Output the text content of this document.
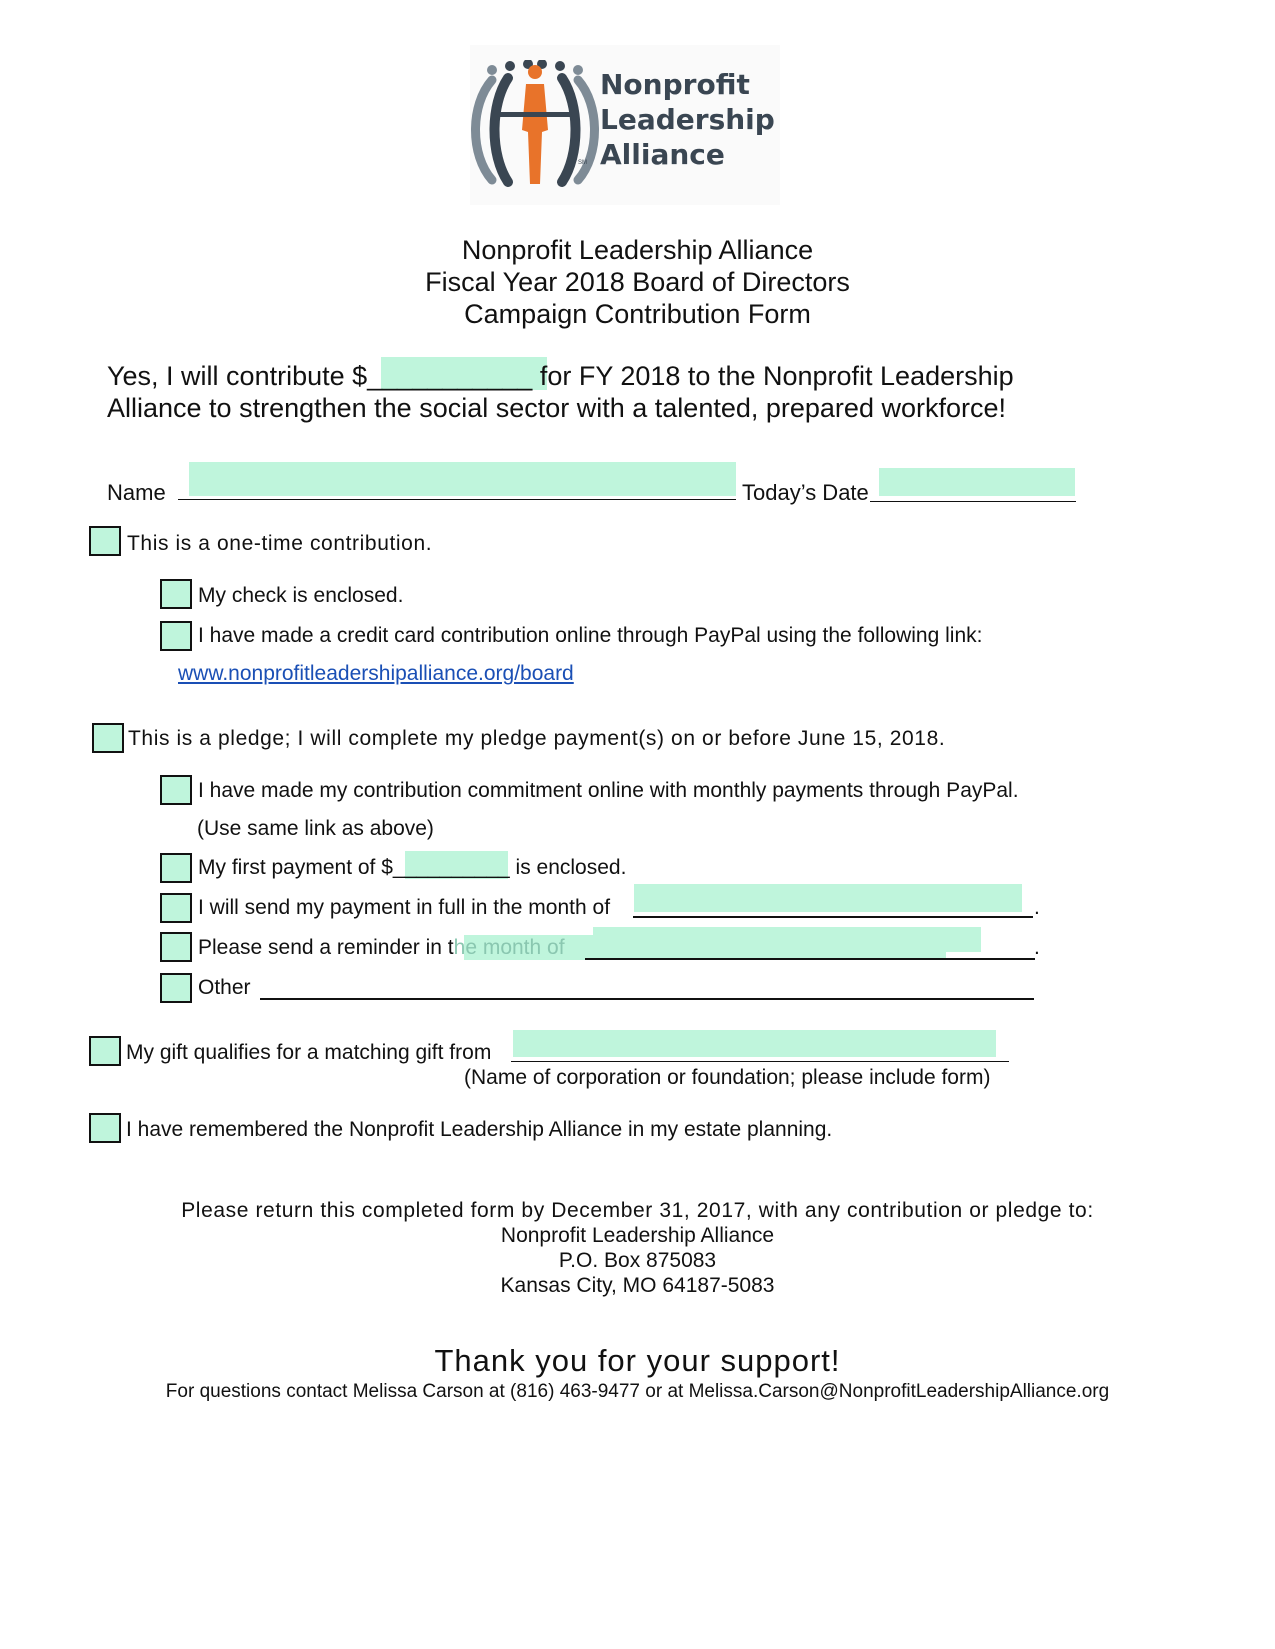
Nonprofit
Leadership
Alliance
SM
Nonprofit Leadership Alliance
Fiscal Year 2018 Board of Directors
Campaign Contribution Form
Yes, I will contribute $___________ for FY 2018 to the Nonprofit Leadership
Alliance to strengthen the social sector with a talented, prepared workforce!
Name	Today’s Date
This is a one-time contribution.
My check is enclosed.
I have made a credit card contribution online through PayPal using the following link:
www.nonprofitleadershipalliance.org/board
This is a pledge; I will complete my pledge payment(s) on or before June 15, 2018.
I have made my contribution commitment online with monthly payments through PayPal.
(Use same link as above)
My first payment of $__________ is enclosed.
I will send my payment in full in the month of	.
Please send a reminder in the month of	.
Other
My gift qualifies for a matching gift from
(Name of corporation or foundation; please include form)
I have remembered the Nonprofit Leadership Alliance in my estate planning.
Please return this completed form by December 31, 2017, with any contribution or pledge to:
Nonprofit Leadership Alliance
P.O. Box 875083
Kansas City, MO 64187-5083
Thank you for your support!
For questions contact Melissa Carson at (816) 463-9477 or at Melissa.Carson@NonprofitLeadershipAlliance.org
